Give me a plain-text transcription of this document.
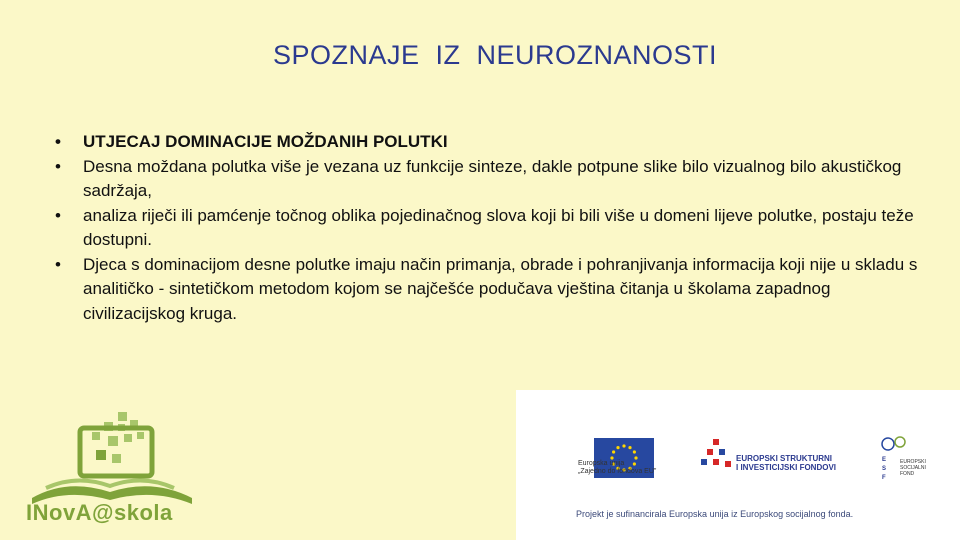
SPOZNAJE  IZ  NEUROZNANOSTI
• UTJECAJ DOMINACIJE MOŽDANIH POLUTKI
• Desna moždana polutka više je vezana uz funkcije sinteze, dakle potpune slike bilo vizualnog bilo akustičkog sadržaja,
• analiza riječi ili pamćenje točnog oblika pojedinačnog slova koji bi bili više u domeni lijeve polutke, postaju teže dostupni.
• Djeca s dominacijom desne polutke imaju način primanja, obrade i pohranjivanja informacija koji nije u skladu s analitičko - sintetičkom metodom kojom se najčešće podučava vještina čitanja u školama zapadnog civilizacijskog kruga.
INovA@skola
Europska unija
„Zajedno do fondova EU"
EUROPSKI STRUKTURNI
I INVESTICIJSKI FONDOVI
E
S
F
EUROPSKI
SOCIJALNI
FOND
Projekt je sufinancirala Europska unija iz Europskog socijalnog fonda.
